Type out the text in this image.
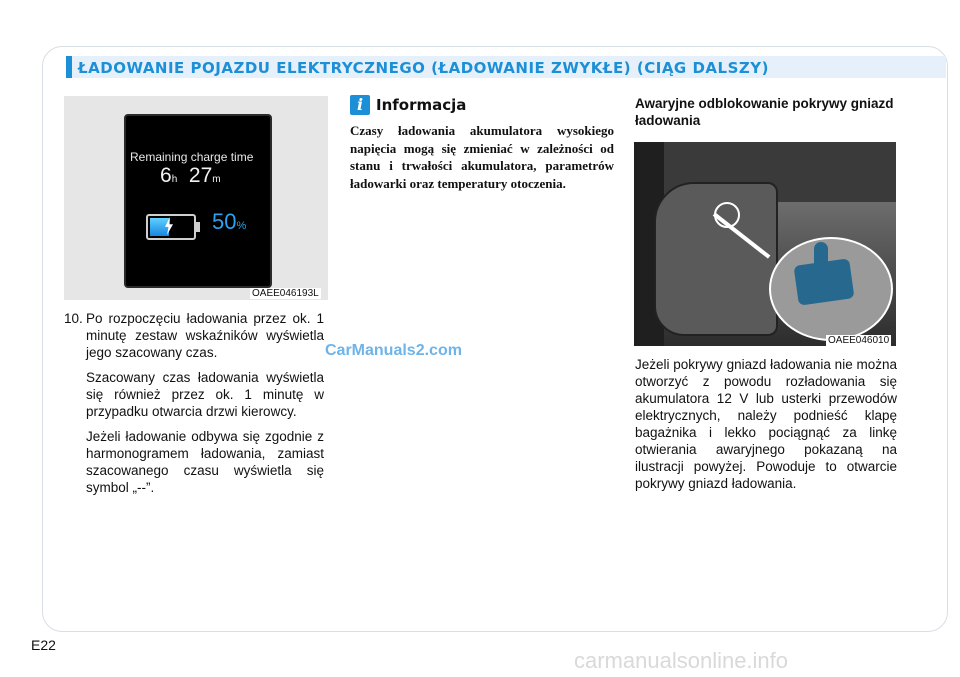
ŁADOWANIE POJAZDU ELEKTRYCZNEGO (ŁADOWANIE ZWYKŁE) (CIĄG DALSZY)
Remaining charge time
6h 27m
50%
OAEE046193L
10. Po rozpoczęciu ładowania przez ok. 1 minutę zestaw wskaźników wyświetla jego szacowany czas.

Szacowany czas ładowania wyświetla się również przez ok. 1 minutę w przypadku otwarcia drzwi kierowcy.

Jeżeli ładowanie odbywa się zgodnie z harmonogramem ładowania, zamiast szacowanego czasu wyświetla się symbol „--”.

i Informacja

Czasy ładowania akumulatora wysokiego napięcia mogą się zmieniać w zależności od stanu i trwałości akumulatora, parametrów ładowarki oraz temperatury otoczenia.

Awaryjne odblokowanie pokrywy gniazd ładowania

OAEE046010

Jeżeli pokrywy gniazd ładowania nie można otworzyć z powodu rozładowania się akumulatora 12 V lub usterki przewodów elektrycznych, należy podnieść klapę bagażnika i lekko pociągnąć za linkę otwierania awaryjnego pokazaną na ilustracji powyżej. Powoduje to otwarcie pokrywy gniazd ładowania.

CarManuals2.com
E22
carmanualsonline.info
